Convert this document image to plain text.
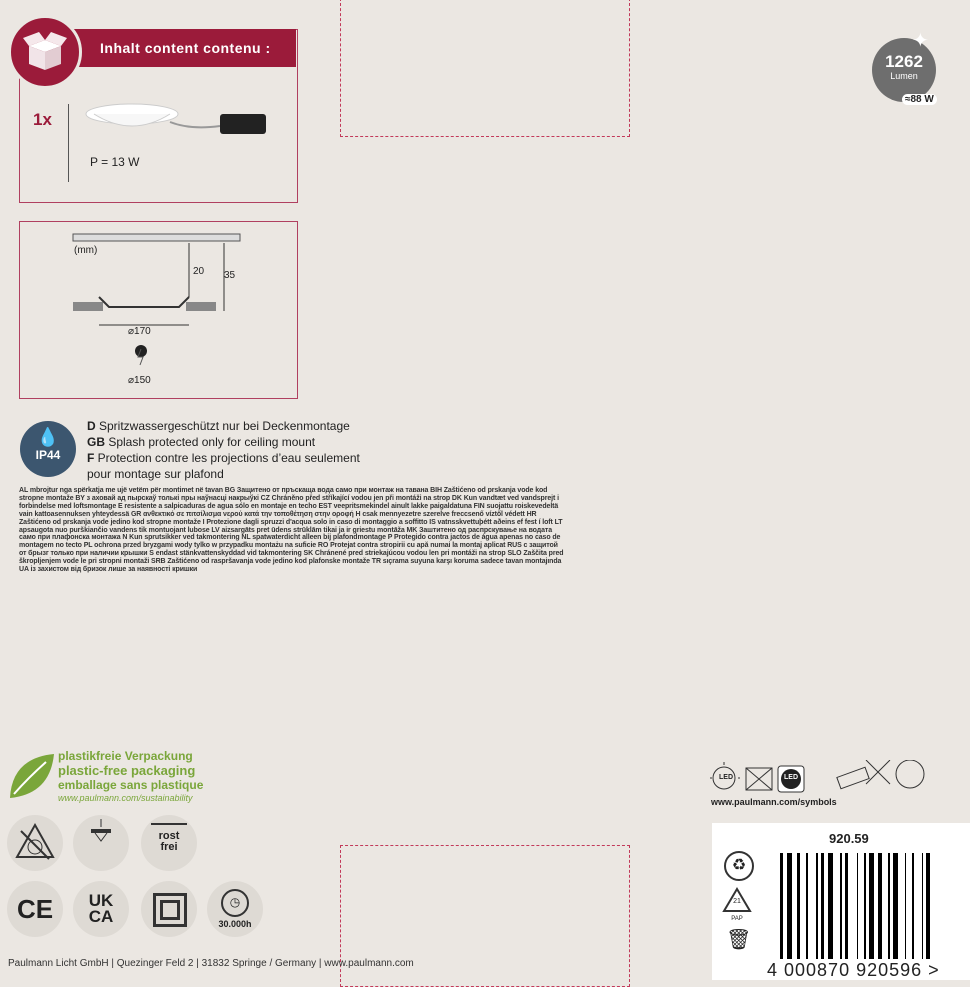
Inhalt content contenu :
1x
P = 13 W
1262
Lumen
✦
≈88 W
(mm)
20 35
⌀170
⌀150
💧
IP44
D Spritzwassergeschützt nur bei Deckenmontage
GB Splash protected only for ceiling mount
F Protection contre les projections d’eau seulement
pour montage sur plafond
AL mbrojtur nga spërkatja me ujë vetëm për montimet në tavan BG Защитено от пръскаща вода само при монтаж на тавана BIH Zaštićeno od prskanja vode kod stropne montaže BY з аховай ад пырскаў толькі пры наўнасці накрыўкі CZ Chráněno před stříkající vodou jen při montáži na strop DK Kun vandtæt ved vandsprejt i forbindelse med loftsmontage E resistente a salpicaduras de agua sólo en montaje en techo EST veepritsmekindel ainult lakke paigaldatuna FIN suojattu roiskevedeltä vain kattoasennuksen yhteydessä GR ανθεκτικό σε πιτσίλισμα νερού κατά την τοποθέτηση στην οροφή H csak mennyezetre szerelve freccsenő víztől védett HR Zaštićeno od prskanja vode jedino kod stropne montaže I Protezione dagli spruzzi d'acqua solo in caso di montaggio a soffitto IS vatnsskvettuþétt aðeins ef fest í loft LT apsaugota nuo purškiančio vandens tik montuojant lubose LV aizsargāts pret ūdens strūklām tikai ja ir griestu montāža MK Заштитено од распрскување на водата само при плафонска монтажа N Kun sprutsikker ved takmontering NL spatwaterdicht alleen bij plafondmontage P Protegido contra jactos de água apenas no caso de montagem no tecto PL ochrona przed bryzgami wody tylko w przypadku montażu na suficie RO Protejat contra stropirii cu apă numai la montaj aplicat RUS с защитой от брызг только при наличии крышки S endast stänkvattenskyddad vid takmontering SK Chránené pred striekajúcou vodou len pri montáži na strop SLO Zaščita pred škropljenjem vode le pri stropni montaži SRB Zaštićeno od raspršavanja vode jedino kod plafonske montaže TR sıçrama suyuna karşı koruma sadece tavan montajında UA із захистом від бризок лише за наявності кришки
plastikfreie Verpackung
plastic-free packaging
emballage sans plastique
www.paulmann.com/sustainability
rost
frei
CE	UK
CA
◷
30.000h
LED	LED
www.paulmann.com/symbols
920.59
♻
21
PAP
🗑
4 000870 920596 >
Paulmann Licht GmbH | Quezinger Feld 2 | 31832 Springe / Germany | www.paulmann.com
